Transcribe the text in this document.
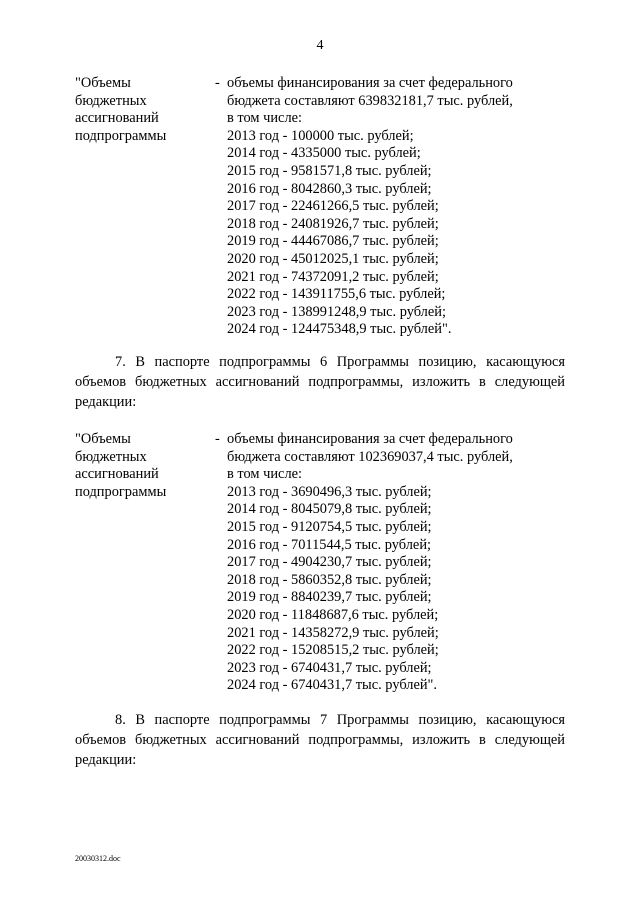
4
"Объемы
бюджетных
ассигнований
подпрограммы
- объемы финансирования за счет федерального
бюджета составляют 639832181,7 тыс. рублей,
в том числе:
2013 год - 100000 тыс. рублей;
2014 год - 4335000 тыс. рублей;
2015 год - 9581571,8 тыс. рублей;
2016 год - 8042860,3 тыс. рублей;
2017 год - 22461266,5 тыс. рублей;
2018 год - 24081926,7 тыс. рублей;
2019 год - 44467086,7 тыс. рублей;
2020 год - 45012025,1 тыс. рублей;
2021 год - 74372091,2 тыс. рублей;
2022 год - 143911755,6 тыс. рублей;
2023 год - 138991248,9 тыс. рублей;
2024 год - 124475348,9 тыс. рублей".
7. В паспорте подпрограммы 6 Программы позицию, касающуюся объемов бюджетных ассигнований подпрограммы, изложить в следующей редакции:
"Объемы
бюджетных
ассигнований
подпрограммы
- объемы финансирования за счет федерального
бюджета составляют 102369037,4 тыс. рублей,
в том числе:
2013 год - 3690496,3 тыс. рублей;
2014 год - 8045079,8 тыс. рублей;
2015 год - 9120754,5 тыс. рублей;
2016 год - 7011544,5 тыс. рублей;
2017 год - 4904230,7 тыс. рублей;
2018 год - 5860352,8 тыс. рублей;
2019 год - 8840239,7 тыс. рублей;
2020 год - 11848687,6 тыс. рублей;
2021 год - 14358272,9 тыс. рублей;
2022 год - 15208515,2 тыс. рублей;
2023 год - 6740431,7 тыс. рублей;
2024 год - 6740431,7 тыс. рублей".
8. В паспорте подпрограммы 7 Программы позицию, касающуюся объемов бюджетных ассигнований подпрограммы, изложить в следующей редакции:
20030312.doc
